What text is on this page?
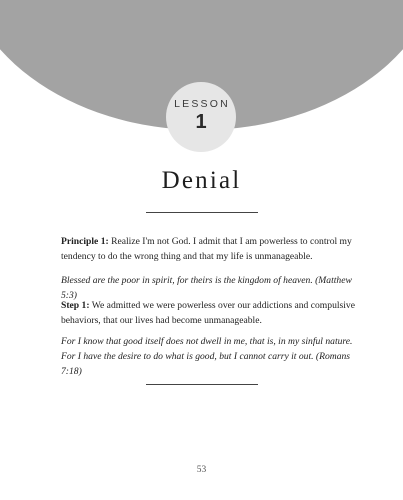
LESSON
1
Denial

Principle 1: Realize I'm not God. I admit that I am powerless to control my tendency to do the wrong thing and that my life is unmanageable.

Blessed are the poor in spirit, for theirs is the kingdom of heaven. (Matthew 5:3)

Step 1: We admitted we were powerless over our addictions and compulsive behaviors, that our lives had become unmanageable.

For I know that good itself does not dwell in me, that is, in my sinful nature.
For I have the desire to do what is good, but I cannot carry it out. (Romans 7:18)

53
